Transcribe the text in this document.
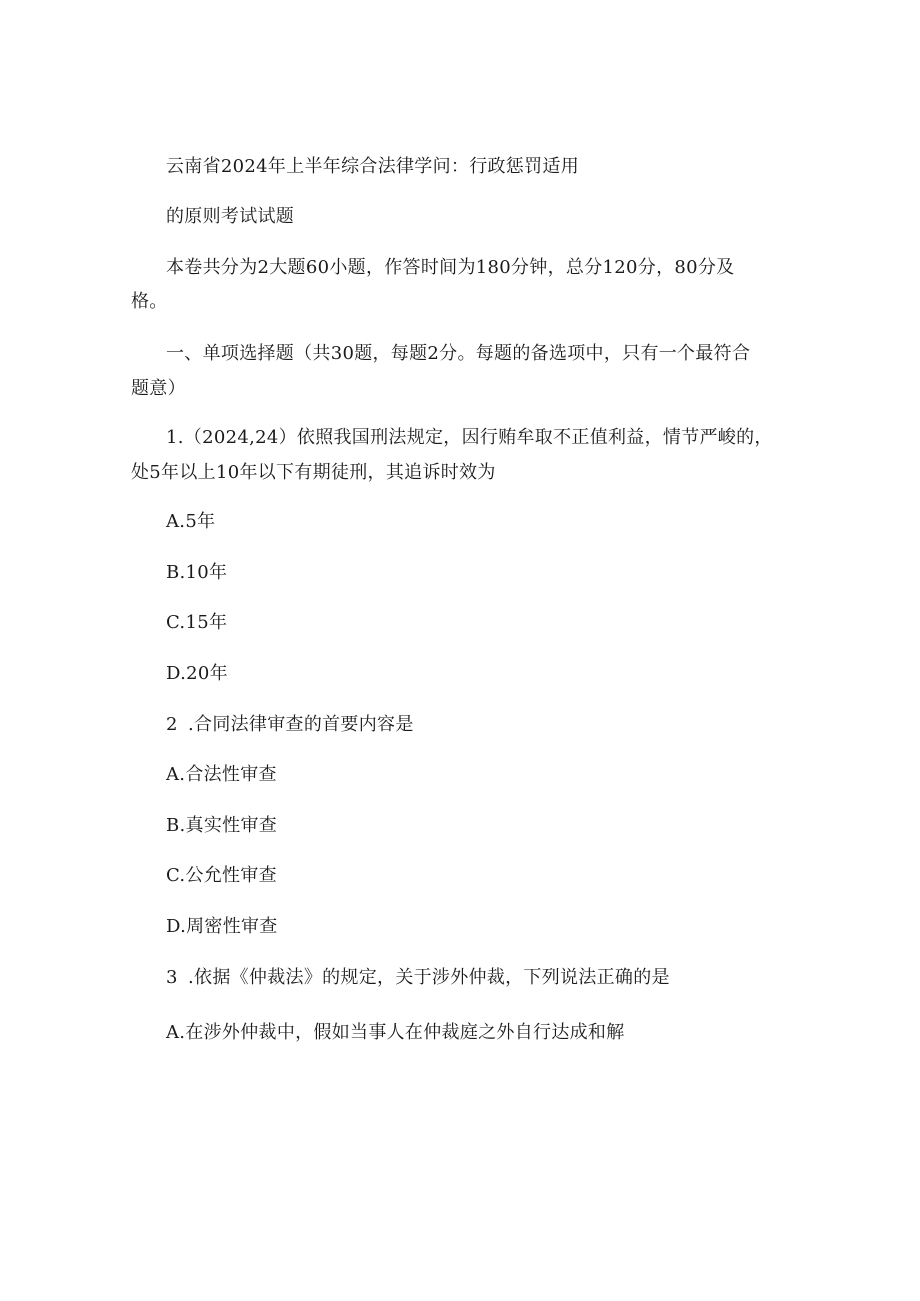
云南省2024年上半年综合法律学问：行政惩罚适用
的原则考试试题
本卷共分为2大题60小题，作答时间为180分钟，总分120分，80分及
格。
一、单项选择题（共30题，每题2分。每题的备选项中，只有一个最符合
题意）
1.（2024,24）依照我国刑法规定，因行贿牟取不正值利益，情节严峻的，
处5年以上10年以下有期徒刑，其追诉时效为
A.5年
B.10年
C.15年
D.20年
2 .合同法律审查的首要内容是
A.合法性审查
B.真实性审查
C.公允性审查
D.周密性审查
3 .依据《仲裁法》的规定，关于涉外仲裁，下列说法正确的是
A.在涉外仲裁中，假如当事人在仲裁庭之外自行达成和解
